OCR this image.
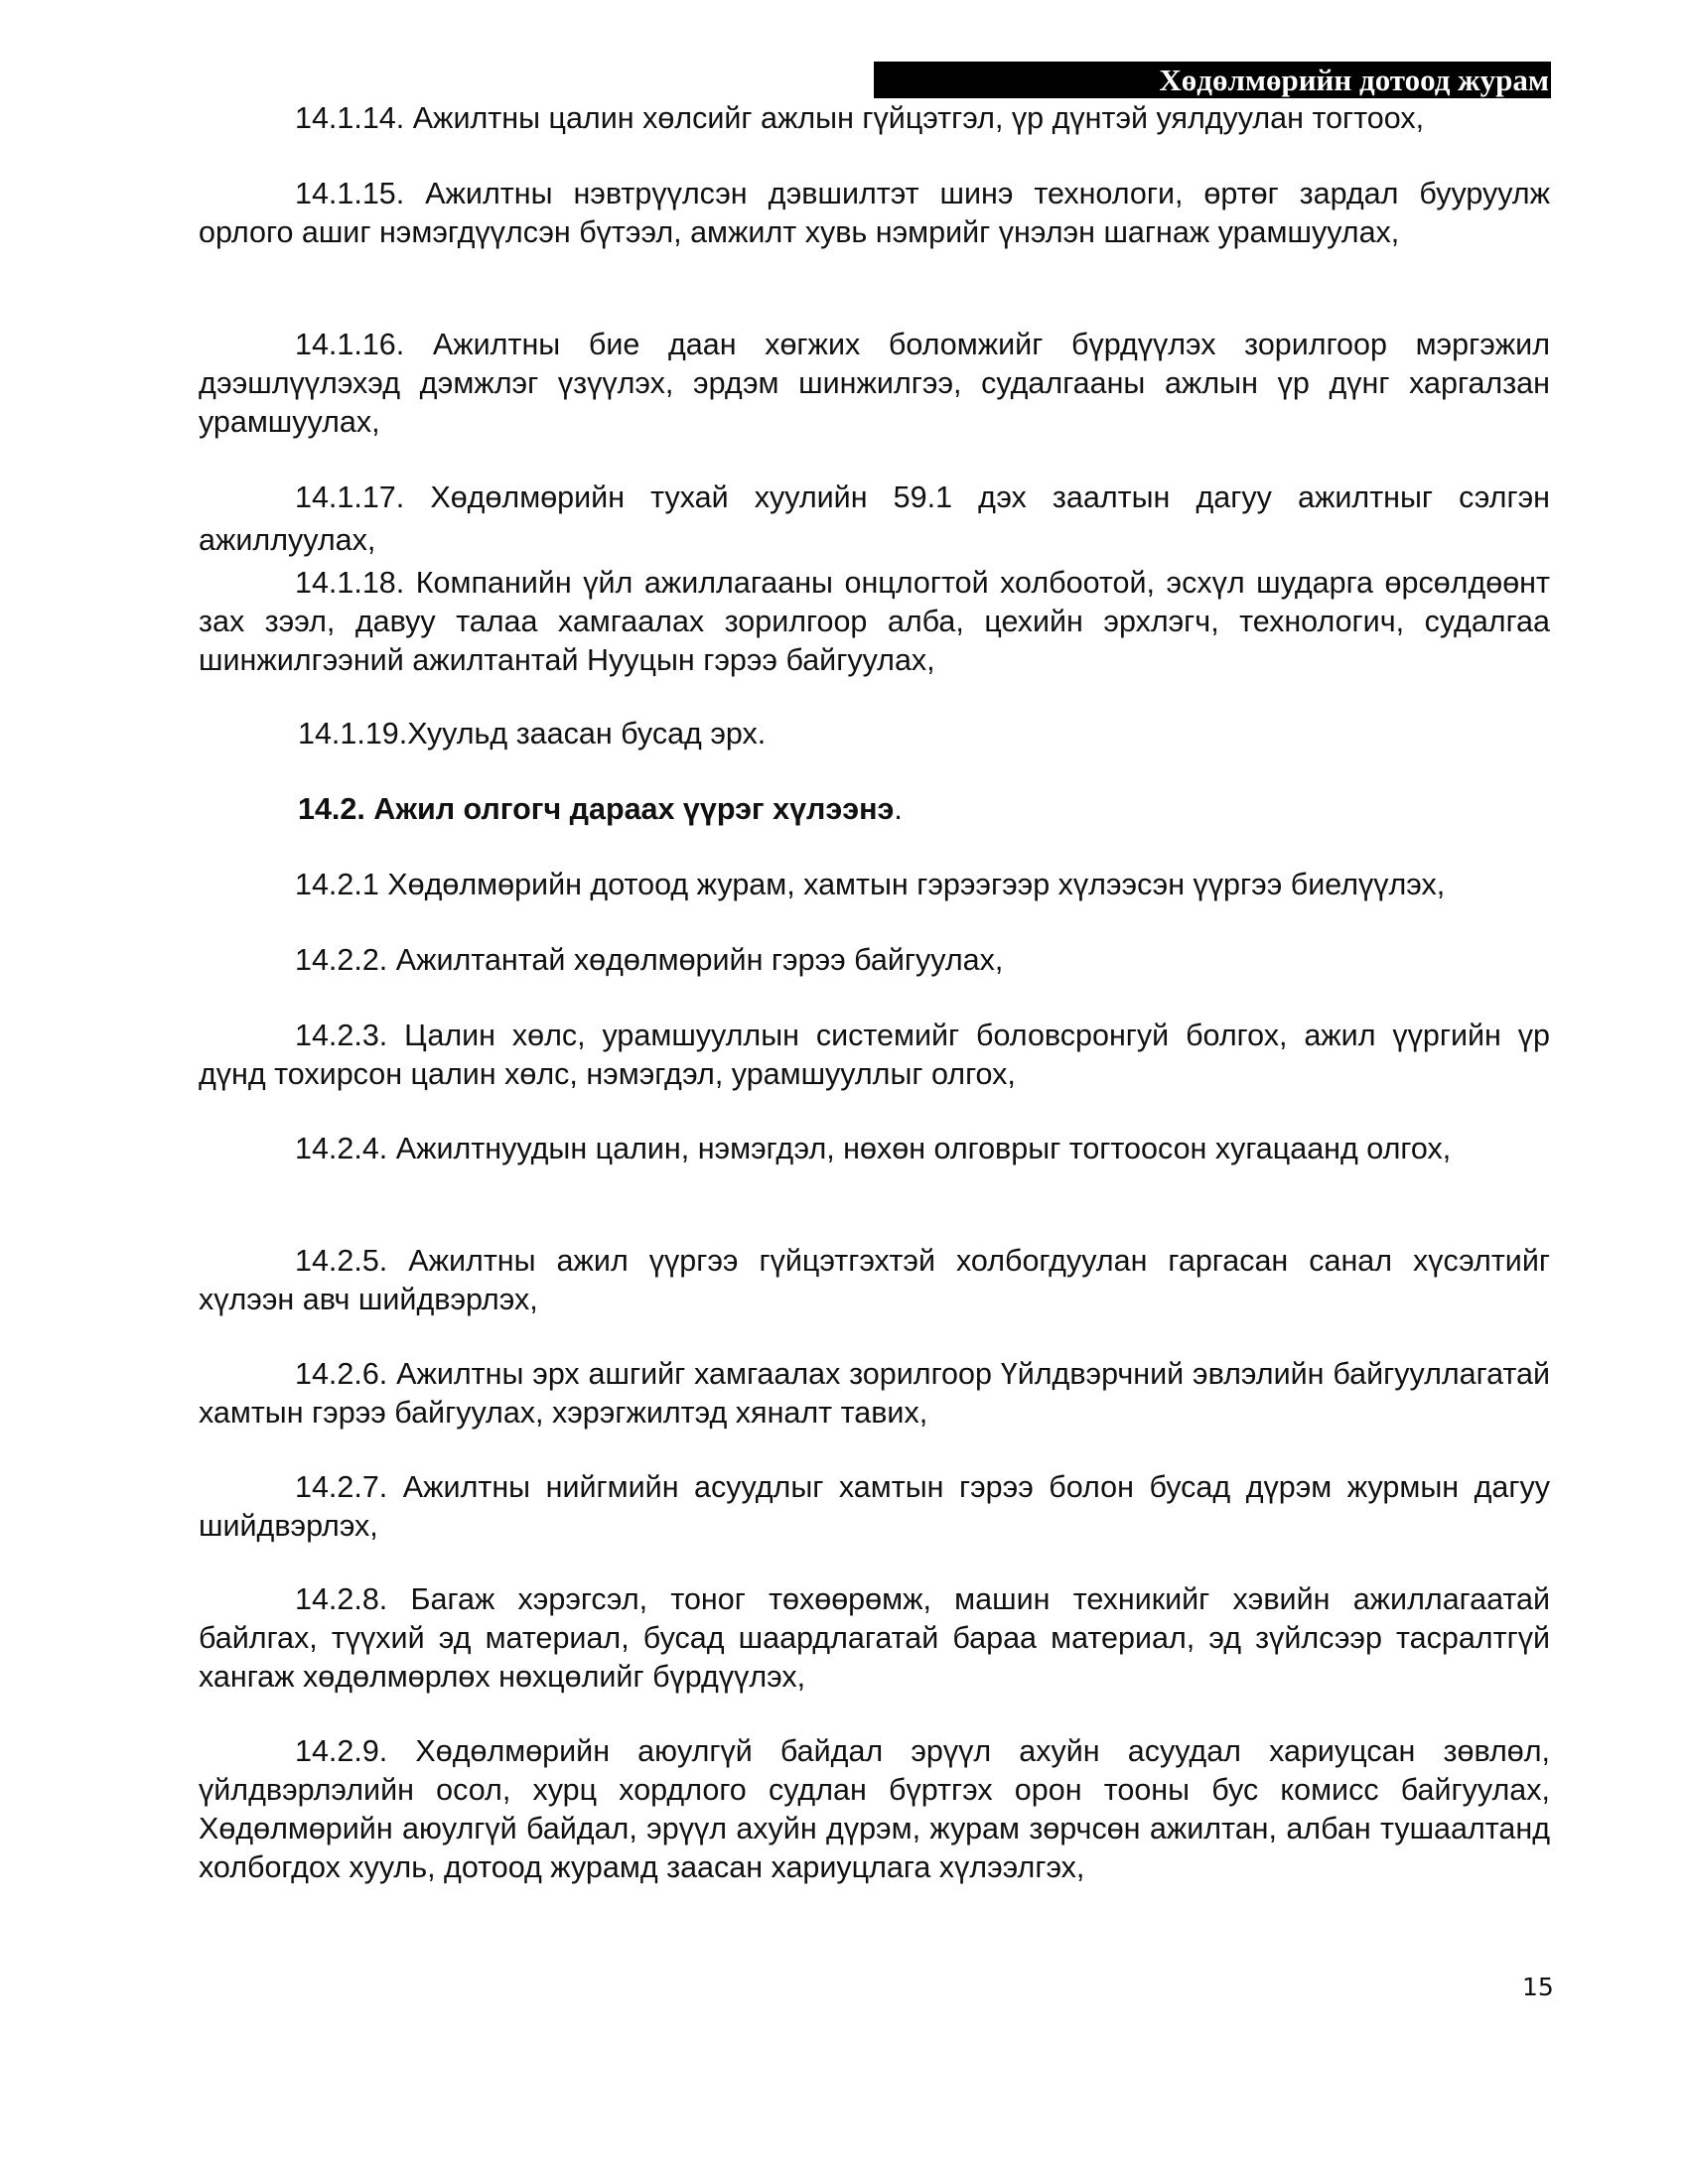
Хөдөлмөрийн дотоод журам
14.1.14. Ажилтны цалин хөлсийг ажлын гүйцэтгэл, үр дүнтэй уялдуулан тогтоох,
14.1.15. Ажилтны нэвтрүүлсэн дэвшилтэт шинэ технологи, өртөг зардал бууруулж орлого ашиг нэмэгдүүлсэн бүтээл, амжилт хувь нэмрийг үнэлэн шагнаж урамшуулах,
14.1.16. Ажилтны бие даан хөгжих боломжийг бүрдүүлэх зорилгоор мэргэжил дээшлүүлэхэд дэмжлэг үзүүлэх, эрдэм шинжилгээ, судалгааны ажлын үр дүнг харгалзан урамшуулах,
14.1.17. Хөдөлмөрийн тухай хуулийн 59.1 дэх заалтын дагуу ажилтныг сэлгэн ажиллуулах,
14.1.18. Компанийн үйл ажиллагааны онцлогтой холбоотой, эсхүл шударга өрсөлдөөнт зах зээл, давуу талаа хамгаалах зорилгоор алба, цехийн эрхлэгч, технологич, судалгаа шинжилгээний ажилтантай Нууцын гэрээ байгуулах,
14.1.19.Хуульд заасан бусад эрх.
14.2. Ажил олгогч дараах үүрэг хүлээнэ.
14.2.1 Хөдөлмөрийн дотоод журам, хамтын гэрээгээр хүлээсэн үүргээ биелүүлэх,
14.2.2. Ажилтантай хөдөлмөрийн гэрээ байгуулах,
14.2.3. Цалин хөлс, урамшууллын системийг боловсронгуй болгох, ажил үүргийн үр дүнд тохирсон цалин хөлс, нэмэгдэл, урамшууллыг олгох,
14.2.4. Ажилтнуудын цалин, нэмэгдэл, нөхөн олговрыг тогтоосон хугацаанд олгох,
14.2.5. Ажилтны ажил үүргээ гүйцэтгэхтэй холбогдуулан гаргасан санал хүсэлтийг хүлээн авч шийдвэрлэх,
14.2.6. Ажилтны эрх ашгийг хамгаалах зорилгоор Үйлдвэрчний эвлэлийн байгууллагатай хамтын гэрээ байгуулах, хэрэгжилтэд хяналт тавих,
14.2.7. Ажилтны нийгмийн асуудлыг хамтын гэрээ болон бусад дүрэм журмын дагуу шийдвэрлэх,
14.2.8. Багаж хэрэгсэл, тоног төхөөрөмж, машин техникийг хэвийн ажиллагаатай байлгах, түүхий эд материал, бусад шаардлагатай бараа материал, эд зүйлсээр тасралтгүй хангаж хөдөлмөрлөх нөхцөлийг бүрдүүлэх,
14.2.9. Хөдөлмөрийн аюулгүй байдал эрүүл ахуйн асуудал хариуцсан зөвлөл, үйлдвэрлэлийн осол, хурц хордлого судлан бүртгэх орон тооны бус комисс байгуулах, Хөдөлмөрийн аюулгүй байдал, эрүүл ахуйн дүрэм, журам зөрчсөн ажилтан, албан тушаалтанд холбогдох хууль, дотоод журамд заасан хариуцлага хүлээлгэх,
15
